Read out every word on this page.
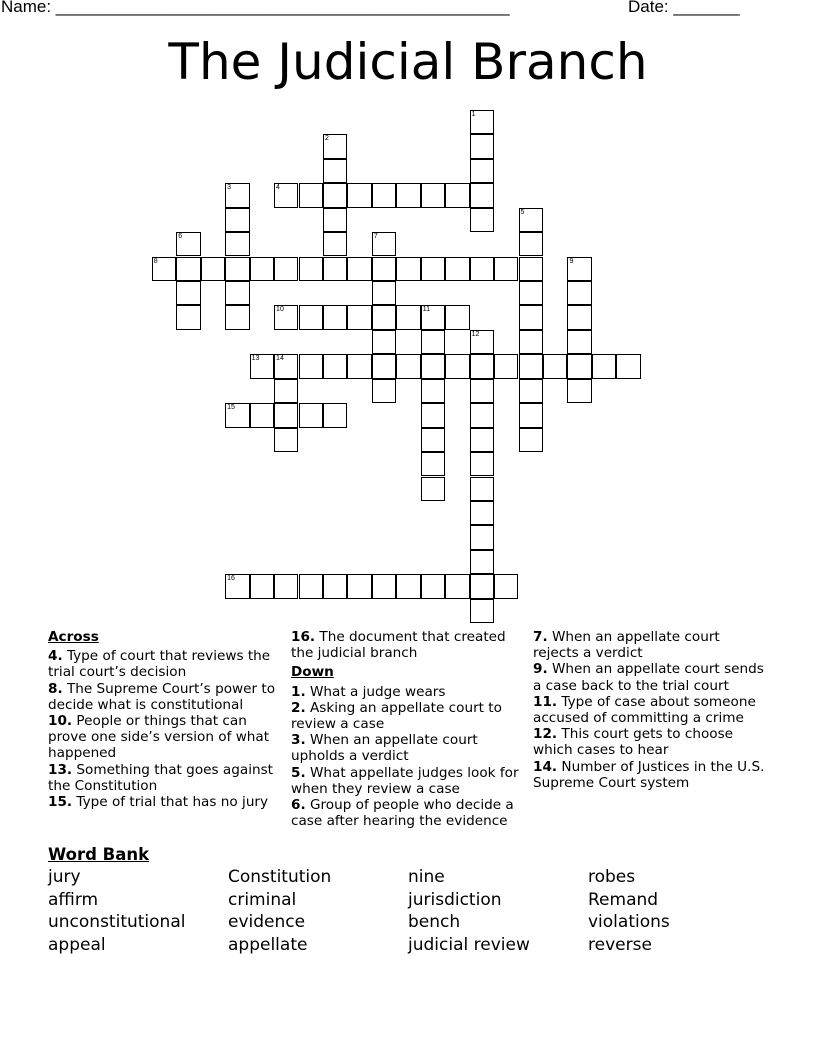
Name: ________________________________________________	Date: _______
The Judicial Branch
1
2
3	4
5
6	7
8	9
10	11
12
13 14
15
16
Across
4. Type of court that reviews the trial court’s decision
8. The Supreme Court’s power to decide what is constitutional
10. People or things that can prove one side’s version of what happened
13. Something that goes against the Constitution
15. Type of trial that has no jury
16. The document that created the judicial branch
Down
1. What a judge wears
2. Asking an appellate court to review a case
3. When an appellate court upholds a verdict
5. What appellate judges look for when they review a case
6. Group of people who decide a case after hearing the evidence
7. When an appellate court rejects a verdict
9. When an appellate court sends a case back to the trial court
11. Type of case about someone accused of committing a crime
12. This court gets to choose which cases to hear
14. Number of Justices in the U.S. Supreme Court system
Word Bank
jury
affirm
unconstitutional
appeal
Constitution
criminal
evidence
appellate
nine
jurisdiction
bench
judicial review
robes
Remand
violations
reverse
